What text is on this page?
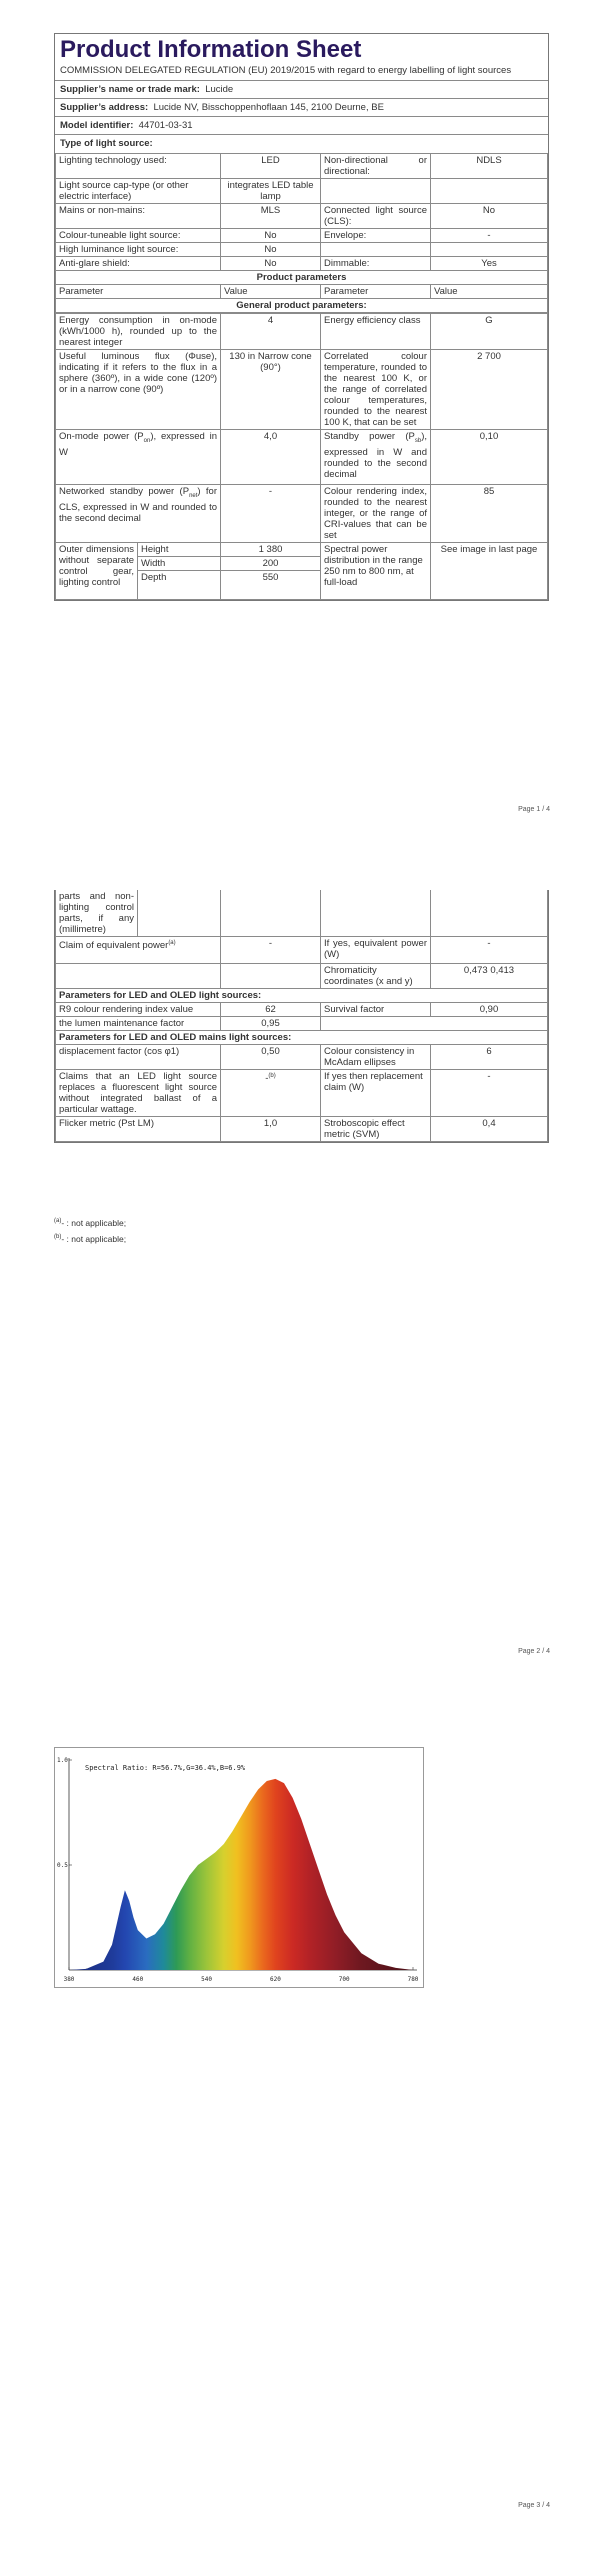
Product Information Sheet
COMMISSION DELEGATED REGULATION (EU) 2019/2015 with regard to energy labelling of light sources
Supplier’s name or trade mark: Lucide
Supplier’s address: Lucide NV, Bisschoppenhoflaan 145, 2100 Deurne, BE
Model identifier: 44701-03-31
Type of light source:
Lighting technology used:	LED	Non-directional or directional:	NDLS
Light source cap-type (or other electric interface)	integrates LED table lamp		
Mains or non-mains:	MLS	Connected light source (CLS):	No
Colour-tuneable light source:	No	Envelope:	-
High luminance light source:	No		
Anti-glare shield:	No	Dimmable:	Yes
Product parameters			
Parameter	Value	Parameter	Value
General product parameters:			
Energy consumption in on-mode (kWh/1000 h), rounded up to the nearest integer		4	Energy efficiency class	G
Useful luminous flux (Φuse), indicating if it refers to the flux in a sphere (360º), in a wide cone (120º) or in a narrow cone (90º)		130 in Narrow cone (90°)	Correlated colour temperature, rounded to the nearest 100 K, or the range of correlated colour temperatures, rounded to the nearest 100 K, that can be set	2 700
On-mode power $(P_{on})$, expressed in W		4,0	Standby power $(P_{sb})$, expressed in W and rounded to the second decimal	0,10
Networked standby power $(P_{net})$ for CLS, expressed in W and rounded to the second decimal		-	Colour rendering index, rounded to the nearest integer, or the range of CRI-values that can be set	85
Outer dimensions without separate control gear, lighting control	Height	1 380	Spectral power distribution in the range 250 nm to 800 nm, at full-load	See image in last page
	Width	200		
	Depth	550		
Page 1 / 4
parts and non-lighting control parts, if any (millimetre)				
Claim of equivalent power$^{(a)}$		-	If yes, equivalent power (W)	-
			Chromaticity coordinates (x and y)	0,473 0,413
Parameters for LED and OLED light sources:				
R9 colour rendering index value		62	Survival factor	0,90
the lumen maintenance factor		0,95		
Parameters for LED and OLED mains light sources:				
displacement factor (cos φ1)		0,50	Colour consistency in McAdam ellipses	6
Claims that an LED light source replaces a fluorescent light source without integrated ballast of a particular wattage.		-$^{(b)}$	If yes then replacement claim (W)	-
Flicker metric (Pst LM)		1,0	Stroboscopic effect metric (SVM)	0,4
$^{(a)}$- : not applicable;
$^{(b)}$- : not applicable;
Page 2 / 4
1.0
0.5
380	460	540	620	700	780
Spectral Ratio: R=56.7%,G=36.4%,B=6.9%
Page 3 / 4
